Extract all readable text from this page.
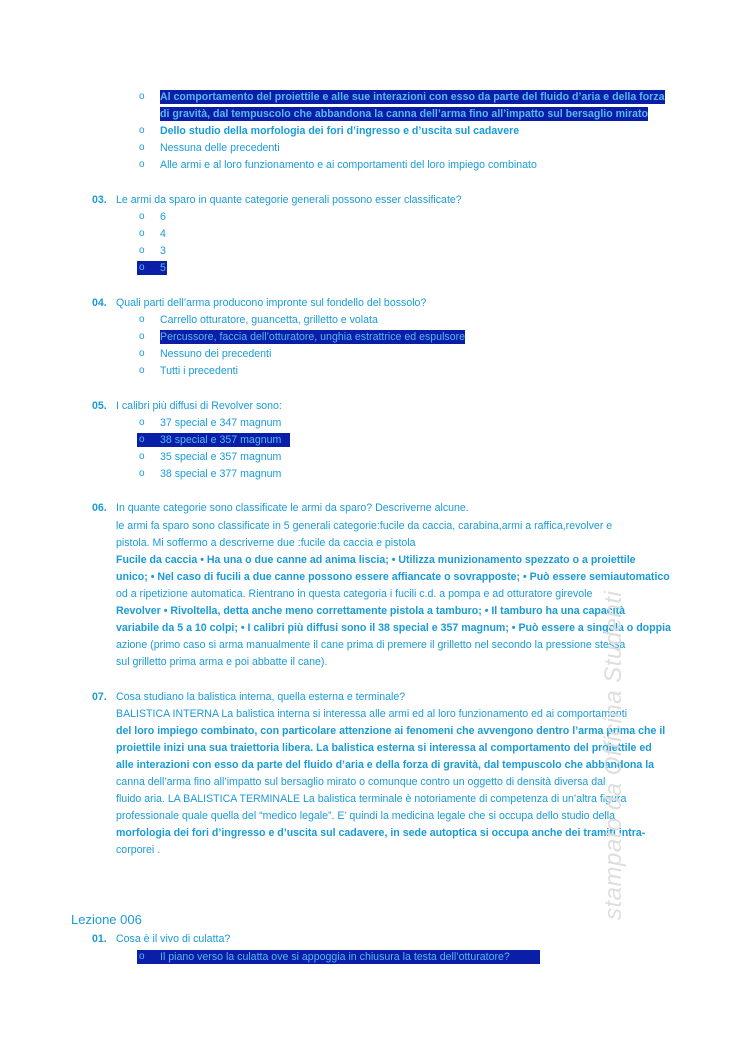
o Al comportamento del proiettile e alle sue interazioni con esso da parte del fluido d’aria e della forza
di gravità, dal tempuscolo che abbandona la canna dell’arma fino all’impatto sul bersaglio mirato
o Dello studio della morfologia dei fori d’ingresso e d’uscita sul cadavere
o Nessuna delle precedenti
o Alle armi e al loro funzionamento e ai comportamenti del loro impiego combinato
03. Le armi da sparo in quante categorie generali possono esser classificate?
o 6
o 4
o 3
o 5

04. Quali parti dell’arma producono impronte sul fondello del bossolo?
o Carrello otturatore, guancetta, grilletto e volata
o Percussore, faccia dell’otturatore, unghia estrattrice ed espulsore
o Nessuno dei precedenti
o Tutti i precedenti
05. I calibri più diffusi di Revolver sono:
o 37 special e 347 magnum
o 38 special e 357 magnum

o 35 special e 357 magnum
o 38 special e 377 magnum
06. In quante categorie sono classificate le armi da sparo? Descriverne alcune.
le armi fa sparo sono classificate in 5 generali categorie:fucile da caccia, carabina,armi a raffica,revolver e
pistola. Mi soffermo a descriverne due :fucile da caccia e pistola
Fucile da caccia • Ha una o due canne ad anima liscia; • Utilizza munizionamento spezzato o a proiettile
unico; • Nel caso di fucili a due canne possono essere affiancate o sovrapposte; • Può essere semiautomatico
od a ripetizione automatica. Rientrano in questa categoria i fucili c.d. a pompa e ad otturatore girevole
Revolver • Rivoltella, detta anche meno correttamente pistola a tamburo; • Il tamburo ha una capacità
variabile da 5 a 10 colpi; • I calibri più diffusi sono il 38 special e 357 magnum; • Può essere a singola o doppia
azione (primo caso si arma manualmente il cane prima di premere il grilletto nel secondo la pressione stessa
sul grilletto prima arma e poi abbatte il cane).
07. Cosa studiano la balistica interna, quella esterna e terminale?
BALISTICA INTERNA La balistica interna si interessa alle armi ed al loro funzionamento ed ai comportamenti
del loro impiego combinato, con particolare attenzione ai fenomeni che avvengono dentro l’arma prima che il
proiettile inizi una sua traiettoria libera. La balistica esterna si interessa al comportamento del proiettile ed
alle interazioni con esso da parte del fluido d’aria e della forza di gravità, dal tempuscolo che abbandona la
canna dell’arma fino all’impatto sul bersaglio mirato o comunque contro un oggetto di densità diversa dal
fluido aria. LA BALISTICA TERMINALE La balistica terminale è notoriamente di competenza di un’altra figura
professionale quale quella del “medico legale”. E’ quindi la medicina legale che si occupa dello studio della
morfologia dei fori d’ingresso e d’uscita sul cadavere, in sede autoptica si occupa anche dei tramiti intra-
corporei .
Lezione 006
01. Cosa è il vivo di culatta?
o Il piano verso la culatta ove si appoggia in chiusura la testa dell’otturatore?

stampato da Officina Studenti
